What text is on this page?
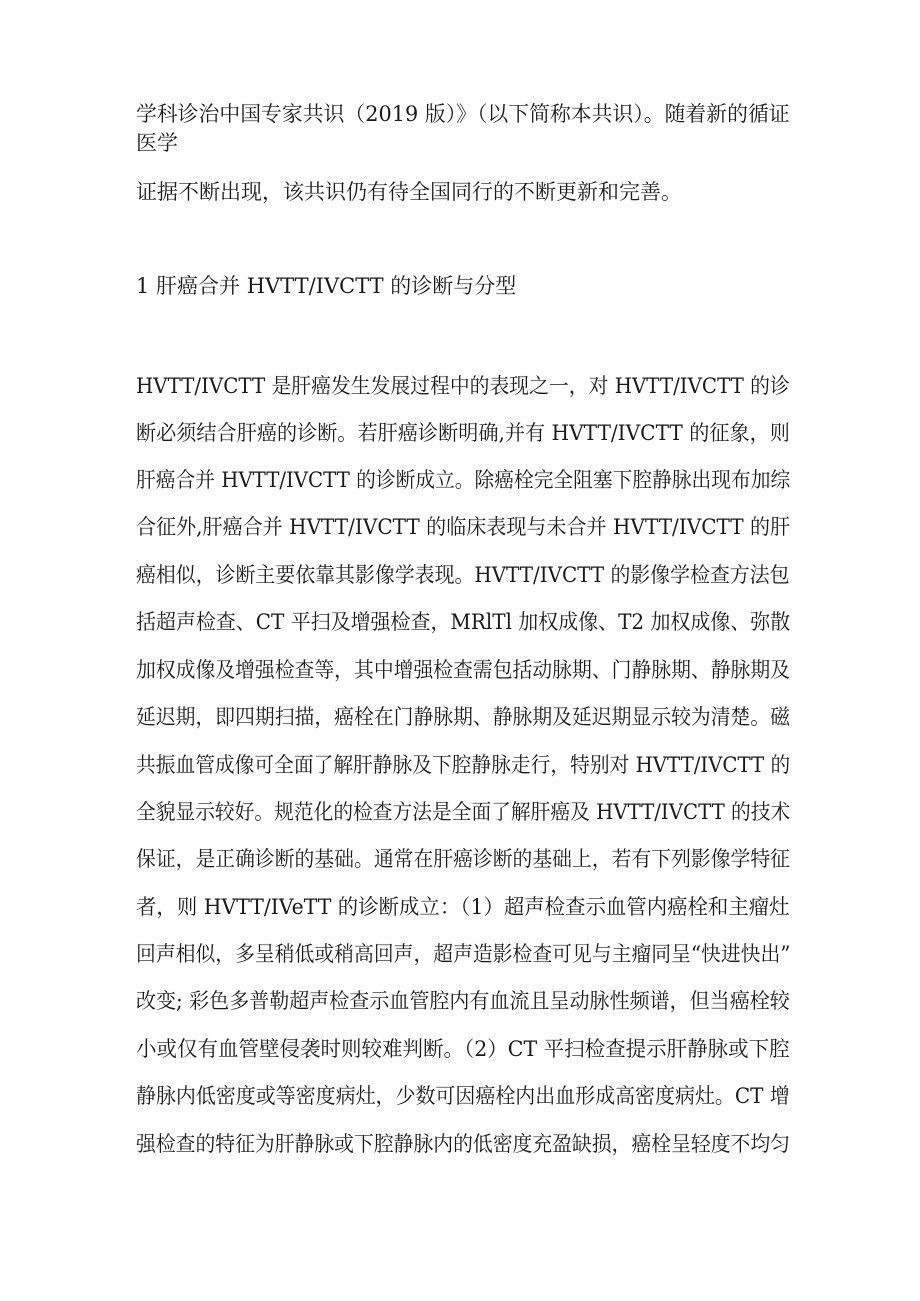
学科诊治中国专家共识（2019 版）》（以下简称本共识）。随着新的循证
医学
证据不断出现，该共识仍有待全国同行的不断更新和完善。
1 肝癌合并 HVTT/IVCTT 的诊断与分型
HVTT/IVCTT 是肝癌发生发展过程中的表现之一，对 HVTT/IVCTT 的诊
断必须结合肝癌的诊断。若肝癌诊断明确,并有 HVTT/IVCTT 的征象，则
肝癌合并 HVTT/IVCTT 的诊断成立。除癌栓完全阻塞下腔静脉出现布加综
合征外,肝癌合并 HVTT/IVCTT 的临床表现与未合并 HVTT/IVCTT 的肝
癌相似，诊断主要依靠其影像学表现。HVTT/IVCTT 的影像学检查方法包
括超声检查、CT 平扫及增强检查，MRlTl 加权成像、T2 加权成像、弥散
加权成像及增强检查等，其中增强检查需包括动脉期、门静脉期、静脉期及
延迟期，即四期扫描，癌栓在门静脉期、静脉期及延迟期显示较为清楚。磁
共振血管成像可全面了解肝静脉及下腔静脉走行，特别对 HVTT/IVCTT 的
全貌显示较好。规范化的检查方法是全面了解肝癌及 HVTT/IVCTT 的技术
保证，是正确诊断的基础。通常在肝癌诊断的基础上，若有下列影像学特征
者，则 HVTT/IVeTT 的诊断成立：（1）超声检查示血管内癌栓和主瘤灶
回声相似，多呈稍低或稍高回声，超声造影检查可见与主瘤同呈“快进快出”
改变; 彩色多普勒超声检查示血管腔内有血流且呈动脉性频谱，但当癌栓较
小或仅有血管壁侵袭时则较难判断。（2）CT 平扫检查提示肝静脉或下腔
静脉内低密度或等密度病灶，少数可因癌栓内出血形成高密度病灶。CT 增
强检查的特征为肝静脉或下腔静脉内的低密度充盈缺损，癌栓呈轻度不均匀
